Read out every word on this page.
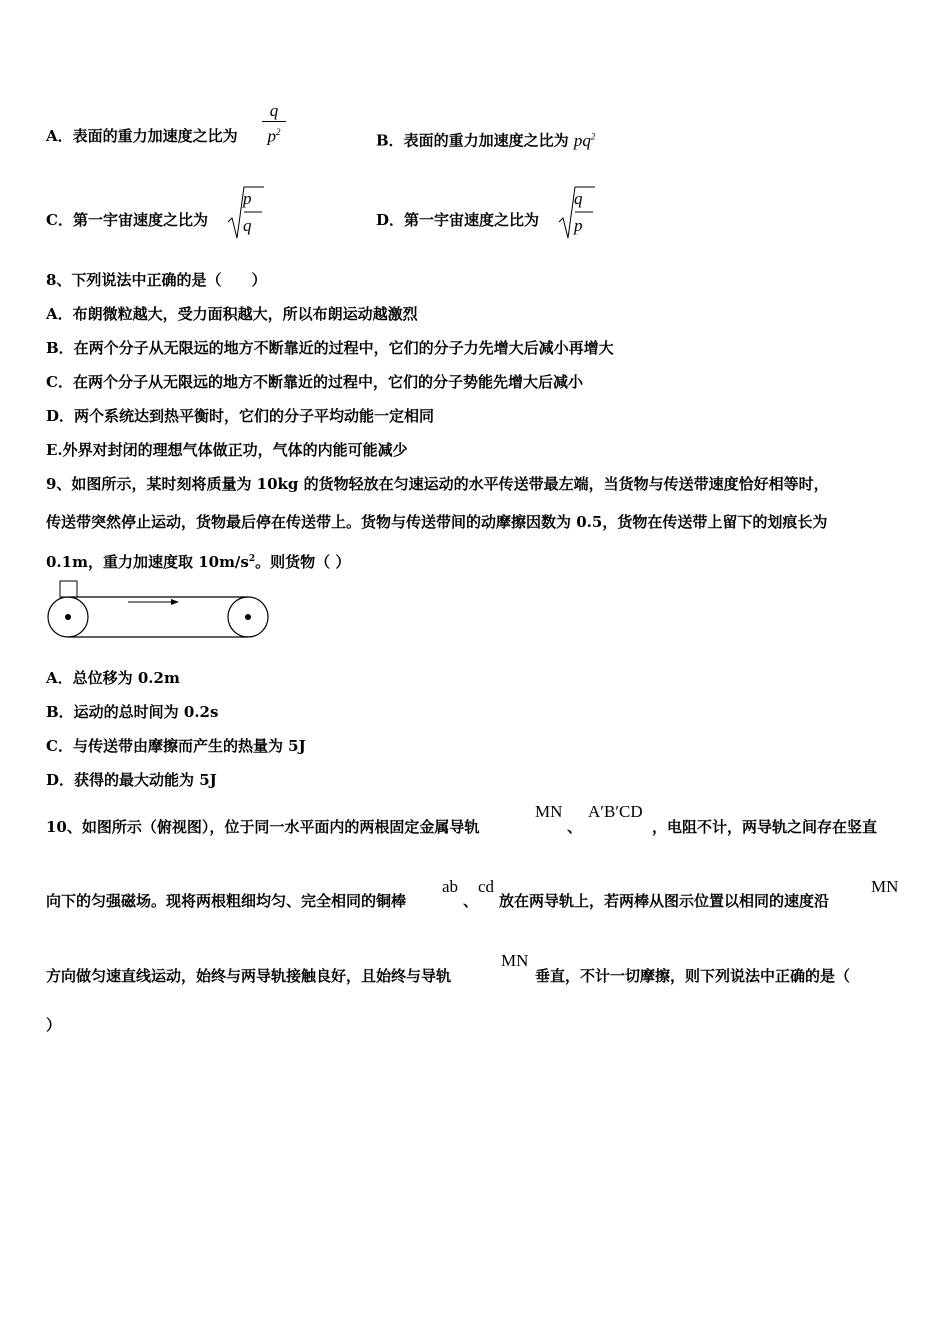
A．表面的重力加速度之比为
q
$p^2$	B．表面的重力加速度之比为 $pq^2$
C．第一宇宙速度之比为
p
q	D．第一宇宙速度之比为
q
p
8、下列说法中正确的是（　　）
A．布朗微粒越大，受力面积越大，所以布朗运动越激烈
B．在两个分子从无限远的地方不断靠近的过程中，它们的分子力先增大后减小再增大
C．在两个分子从无限远的地方不断靠近的过程中，它们的分子势能先增大后减小
D．两个系统达到热平衡时，它们的分子平均动能一定相同
E.外界对封闭的理想气体做正功，气体的内能可能减少
9、如图所示，某时刻将质量为 10kg 的货物轻放在匀速运动的水平传送带最左端，当货物与传送带速度恰好相等时，
传送带突然停止运动，货物最后停在传送带上。货物与传送带间的动摩擦因数为 0.5，货物在传送带上留下的划痕长为
0.1m，重力加速度取 $10m/s^2$。则货物（ ）
A．总位移为 0.2m
B．运动的总时间为 0.2s
C．与传送带由摩擦而产生的热量为 5J
D．获得的最大动能为 5J
10、如图所示（俯视图），位于同一水平面内的两根固定金属导轨
MN
、
A′B′CD
，电阻不计，两导轨之间存在竖直
向下的匀强磁场。现将两根粗细均匀、完全相同的铜棒
ab
、
cd
放在两导轨上，若两棒从图示位置以相同的速度沿
MN
方向做匀速直线运动，始终与两导轨接触良好，且始终与导轨
MN
垂直，不计一切摩擦，则下列说法中正确的是（
）
